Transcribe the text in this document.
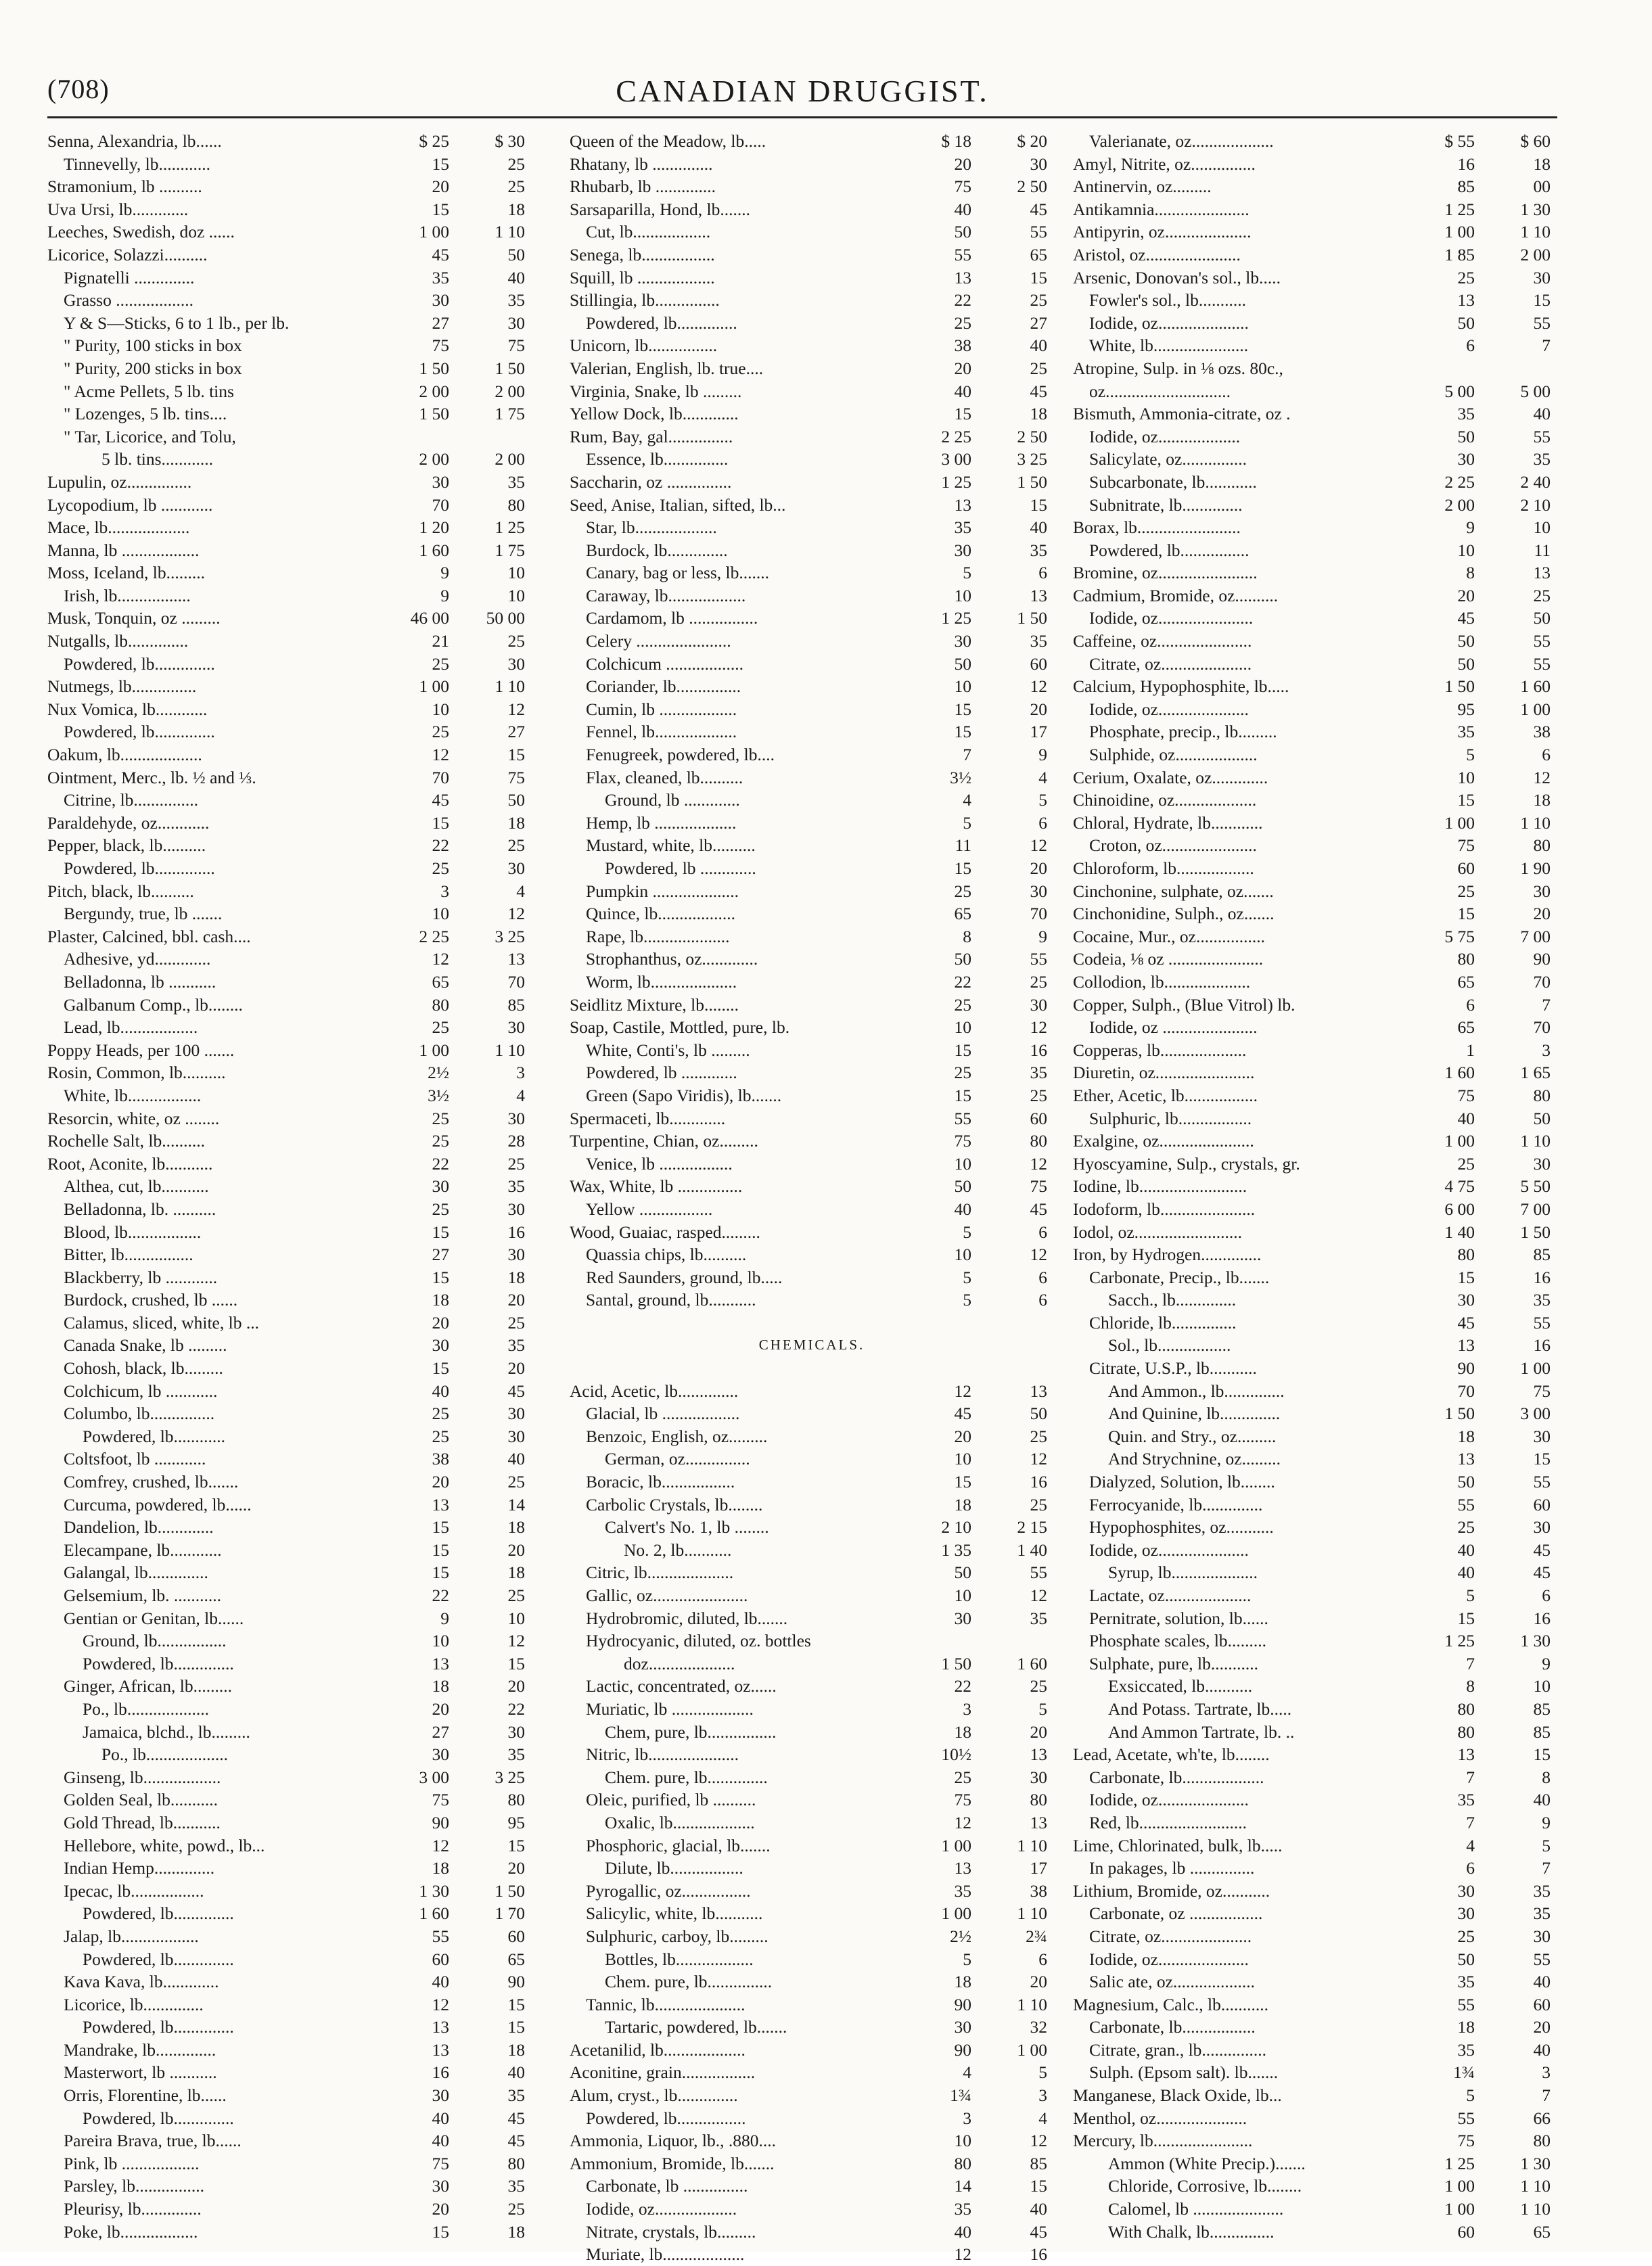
(708)	CANADIAN DRUGGIST.
Senna, Alexandria, lb......	$ 25	$ 30
Tinnevelly, lb............	15	25
Stramonium, lb ..........	20	25
Uva Ursi, lb.............	15	18
Leeches, Swedish, doz ......	1 00	1 10
Licorice, Solazzi..........	45	50
Pignatelli ..............	35	40
Grasso ..................	30	35
Y & S—Sticks, 6 to 1 lb., per lb.	27	30
" Purity, 100 sticks in box	75	75
" Purity, 200 sticks in box	1 50	1 50
" Acme Pellets, 5 lb. tins	2 00	2 00
" Lozenges, 5 lb. tins....	1 50	1 75
" Tar, Licorice, and Tolu,
5 lb. tins............	2 00	2 00
Lupulin, oz...............	30	35
Lycopodium, lb ............	70	80
Mace, lb...................	1 20	1 25
Manna, lb ..................	1 60	1 75
Moss, Iceland, lb.........	9	10
Irish, lb.................	9	10
Musk, Tonquin, oz .........	46 00	50 00
Nutgalls, lb..............	21	25
Powdered, lb..............	25	30
Nutmegs, lb...............	1 00	1 10
Nux Vomica, lb............	10	12
Powdered, lb..............	25	27
Oakum, lb...................	12	15
Ointment, Merc., lb. ½ and ⅓.	70	75
Citrine, lb...............	45	50
Paraldehyde, oz............	15	18
Pepper, black, lb..........	22	25
Powdered, lb..............	25	30
Pitch, black, lb..........	3	4
Bergundy, true, lb .......	10	12
Plaster, Calcined, bbl. cash....	2 25	3 25
Adhesive, yd.............	12	13
Belladonna, lb ...........	65	70
Galbanum Comp., lb........	80	85
Lead, lb..................	25	30
Poppy Heads, per 100 .......	1 00	1 10
Rosin, Common, lb..........	2½	3
White, lb.................	3½	4
Resorcin, white, oz ........	25	30
Rochelle Salt, lb..........	25	28
Root, Aconite, lb...........	22	25
Althea, cut, lb...........	30	35
Belladonna, lb. ..........	25	30
Blood, lb.................	15	16
Bitter, lb................	27	30
Blackberry, lb ............	15	18
Burdock, crushed, lb ......	18	20
Calamus, sliced, white, lb ...	20	25
Canada Snake, lb .........	30	35
Cohosh, black, lb.........	15	20
Colchicum, lb ............	40	45
Columbo, lb...............	25	30
Powdered, lb............	25	30
Coltsfoot, lb ............	38	40
Comfrey, crushed, lb.......	20	25
Curcuma, powdered, lb......	13	14
Dandelion, lb.............	15	18
Elecampane, lb............	15	20
Galangal, lb..............	15	18
Gelsemium, lb. ...........	22	25
Gentian or Genitan, lb......	9	10
Ground, lb................	10	12
Powdered, lb..............	13	15
Ginger, African, lb.........	18	20
Po., lb...................	20	22
Jamaica, blchd., lb.........	27	30
Po., lb...................	30	35
Ginseng, lb..................	3 00	3 25
Golden Seal, lb...........	75	80
Gold Thread, lb...........	90	95
Hellebore, white, powd., lb...	12	15
Indian Hemp..............	18	20
Ipecac, lb.................	1 30	1 50
Powdered, lb..............	1 60	1 70
Jalap, lb..................	55	60
Powdered, lb..............	60	65
Kava Kava, lb.............	40	90
Licorice, lb..............	12	15
Powdered, lb..............	13	15
Mandrake, lb..............	13	18
Masterwort, lb ...........	16	40
Orris, Florentine, lb......	30	35
Powdered, lb..............	40	45
Pareira Brava, true, lb......	40	45
Pink, lb ..................	75	80
Parsley, lb................	30	35
Pleurisy, lb..............	20	25
Poke, lb..................	15	18
Queen of the Meadow, lb.....	$ 18	$ 20
Rhatany, lb ..............	20	30
Rhubarb, lb ..............	75	2 50
Sarsaparilla, Hond, lb.......	40	45
Cut, lb..................	50	55
Senega, lb.................	55	65
Squill, lb ..................	13	15
Stillingia, lb...............	22	25
Powdered, lb..............	25	27
Unicorn, lb................	38	40
Valerian, English, lb. true....	20	25
Virginia, Snake, lb .........	40	45
Yellow Dock, lb.............	15	18
Rum, Bay, gal...............	2 25	2 50
Essence, lb...............	3 00	3 25
Saccharin, oz ...............	1 25	1 50
Seed, Anise, Italian, sifted, lb...	13	15
Star, lb...................	35	40
Burdock, lb..............	30	35
Canary, bag or less, lb.......	5	6
Caraway, lb..................	10	13
Cardamom, lb ................	1 25	1 50
Celery ......................	30	35
Colchicum ..................	50	60
Coriander, lb...............	10	12
Cumin, lb ..................	15	20
Fennel, lb...................	15	17
Fenugreek, powdered, lb....	7	9
Flax, cleaned, lb..........	3½	4
Ground, lb .............	4	5
Hemp, lb ...................	5	6
Mustard, white, lb..........	11	12
Powdered, lb .............	15	20
Pumpkin ....................	25	30
Quince, lb..................	65	70
Rape, lb....................	8	9
Strophanthus, oz.............	50	55
Worm, lb....................	22	25
Seidlitz Mixture, lb........	25	30
Soap, Castile, Mottled, pure, lb.	10	12
White, Conti's, lb .........	15	16
Powdered, lb .............	25	35
Green (Sapo Viridis), lb.......	15	25
Spermaceti, lb.............	55	60
Turpentine, Chian, oz.........	75	80
Venice, lb .................	10	12
Wax, White, lb ...............	50	75
Yellow .................	40	45
Wood, Guaiac, rasped.........	5	6
Quassia chips, lb..........	10	12
Red Saunders, ground, lb.....	5	6
Santal, ground, lb...........	5	6
CHEMICALS.
Acid, Acetic, lb..............	12	13
Glacial, lb ..................	45	50
Benzoic, English, oz.........	20	25
German, oz...............	10	12
Boracic, lb.................	15	16
Carbolic Crystals, lb........	18	25
Calvert's No. 1, lb ........	2 10	2 15
No. 2, lb...........	1 35	1 40
Citric, lb....................	50	55
Gallic, oz......................	10	12
Hydrobromic, diluted, lb.......	30	35
Hydrocyanic, diluted, oz. bottles
doz....................	1 50	1 60
Lactic, concentrated, oz......	22	25
Muriatic, lb ...................	3	5
Chem, pure, lb................	18	20
Nitric, lb.....................	10½	13
Chem. pure, lb..............	25	30
Oleic, purified, lb ..........	75	80
Oxalic, lb...................	12	13
Phosphoric, glacial, lb.......	1 00	1 10
Dilute, lb.................	13	17
Pyrogallic, oz................	35	38
Salicylic, white, lb...........	1 00	1 10
Sulphuric, carboy, lb.........	2½	2¾
Bottles, lb..................	5	6
Chem. pure, lb...............	18	20
Tannic, lb.....................	90	1 10
Tartaric, powdered, lb.......	30	32
Acetanilid, lb...................	90	1 00
Aconitine, grain.................	4	5
Alum, cryst., lb..............	1¾	3
Powdered, lb................	3	4
Ammonia, Liquor, lb., .880....	10	12
Ammonium, Bromide, lb.......	80	85
Carbonate, lb ...............	14	15
Iodide, oz...................	35	40
Nitrate, crystals, lb.........	40	45
Muriate, lb...................	12	16
Valerianate, oz...................	$ 55	$ 60
Amyl, Nitrite, oz...............	16	18
Antinervin, oz.........	85	00
Antikamnia......................	1 25	1 30
Antipyrin, oz....................	1 00	1 10
Aristol, oz......................	1 85	2 00
Arsenic, Donovan's sol., lb.....	25	30
Fowler's sol., lb...........	13	15
Iodide, oz.....................	50	55
White, lb......................	6	7
Atropine, Sulp. in ⅛ ozs. 80c.,
oz.............................	5 00	5 00
Bismuth, Ammonia-citrate, oz .	35	40
Iodide, oz...................	50	55
Salicylate, oz...............	30	35
Subcarbonate, lb............	2 25	2 40
Subnitrate, lb..............	2 00	2 10
Borax, lb........................	9	10
Powdered, lb................	10	11
Bromine, oz.......................	8	13
Cadmium, Bromide, oz..........	20	25
Iodide, oz......................	45	50
Caffeine, oz......................	50	55
Citrate, oz.....................	50	55
Calcium, Hypophosphite, lb.....	1 50	1 60
Iodide, oz.....................	95	1 00
Phosphate, precip., lb.........	35	38
Sulphide, oz...................	5	6
Cerium, Oxalate, oz.............	10	12
Chinoidine, oz...................	15	18
Chloral, Hydrate, lb............	1 00	1 10
Croton, oz......................	75	80
Chloroform, lb..................	60	1 90
Cinchonine, sulphate, oz.......	25	30
Cinchonidine, Sulph., oz.......	15	20
Cocaine, Mur., oz................	5 75	7 00
Codeia, ⅛ oz ......................	80	90
Collodion, lb....................	65	70
Copper, Sulph., (Blue Vitrol) lb.	6	7
Iodide, oz ......................	65	70
Copperas, lb....................	1	3
Diuretin, oz.......................	1 60	1 65
Ether, Acetic, lb.................	75	80
Sulphuric, lb.................	40	50
Exalgine, oz......................	1 00	1 10
Hyoscyamine, Sulp., crystals, gr.	25	30
Iodine, lb.........................	4 75	5 50
Iodoform, lb......................	6 00	7 00
Iodol, oz.........................	1 40	1 50
Iron, by Hydrogen..............	80	85
Carbonate, Precip., lb.......	15	16
Sacch., lb..............	30	35
Chloride, lb...............	45	55
Sol., lb.................	13	16
Citrate, U.S.P., lb...........	90	1 00
And Ammon., lb..............	70	75
And Quinine, lb..............	1 50	3 00
Quin. and Stry., oz.........	18	30
And Strychnine, oz.........	13	15
Dialyzed, Solution, lb........	50	55
Ferrocyanide, lb..............	55	60
Hypophosphites, oz...........	25	30
Iodide, oz.....................	40	45
Syrup, lb....................	40	45
Lactate, oz....................	5	6
Pernitrate, solution, lb......	15	16
Phosphate scales, lb.........	1 25	1 30
Sulphate, pure, lb...........	7	9
Exsiccated, lb...........	8	10
And Potass. Tartrate, lb.....	80	85
And Ammon Tartrate, lb. ..	80	85
Lead, Acetate, wh'te, lb........	13	15
Carbonate, lb...................	7	8
Iodide, oz.....................	35	40
Red, lb.........................	7	9
Lime, Chlorinated, bulk, lb.....	4	5
In pakages, lb ...............	6	7
Lithium, Bromide, oz...........	30	35
Carbonate, oz .................	30	35
Citrate, oz.....................	25	30
Iodide, oz.....................	50	55
Salic ate, oz...................	35	40
Magnesium, Calc., lb...........	55	60
Carbonate, lb.................	18	20
Citrate, gran., lb...............	35	40
Sulph. (Epsom salt). lb.......	1¾	3
Manganese, Black Oxide, lb...	5	7
Menthol, oz.....................	55	66
Mercury, lb.......................	75	80
Ammon (White Precip.).......	1 25	1 30
Chloride, Corrosive, lb........	1 00	1 10
Calomel, lb .....................	1 00	1 10
With Chalk, lb...............	60	65
